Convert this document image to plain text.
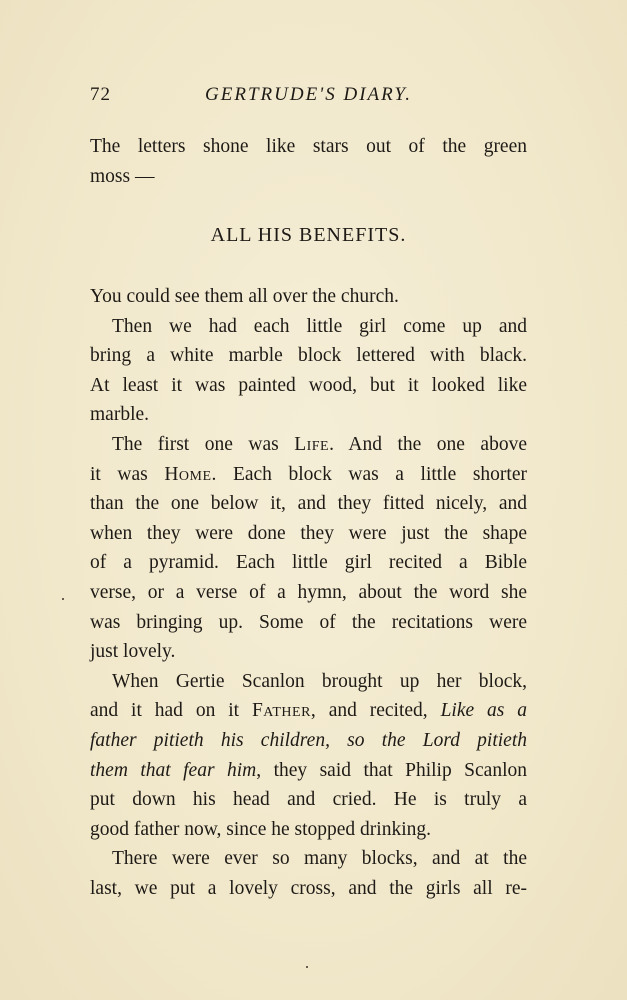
72	GERTRUDE'S DIARY.
The letters shone like stars out of the green
moss —
ALL HIS BENEFITS.
You could see them all over the church.
Then we had each little girl come up and
bring a white marble block lettered with black.
At least it was painted wood, but it looked like
marble.
The first one was Life. And the one above
it was Home. Each block was a little shorter
than the one below it, and they fitted nicely, and
when they were done they were just the shape
of a pyramid. Each little girl recited a Bible
verse, or a verse of a hymn, about the word she
was bringing up. Some of the recitations were
just lovely.
When Gertie Scanlon brought up her block,
and it had on it Father, and recited, Like as a
father pitieth his children, so the Lord pitieth
them that fear him, they said that Philip Scanlon
put down his head and cried. He is truly a
good father now, since he stopped drinking.
There were ever so many blocks, and at the
last, we put a lovely cross, and the girls all re-
